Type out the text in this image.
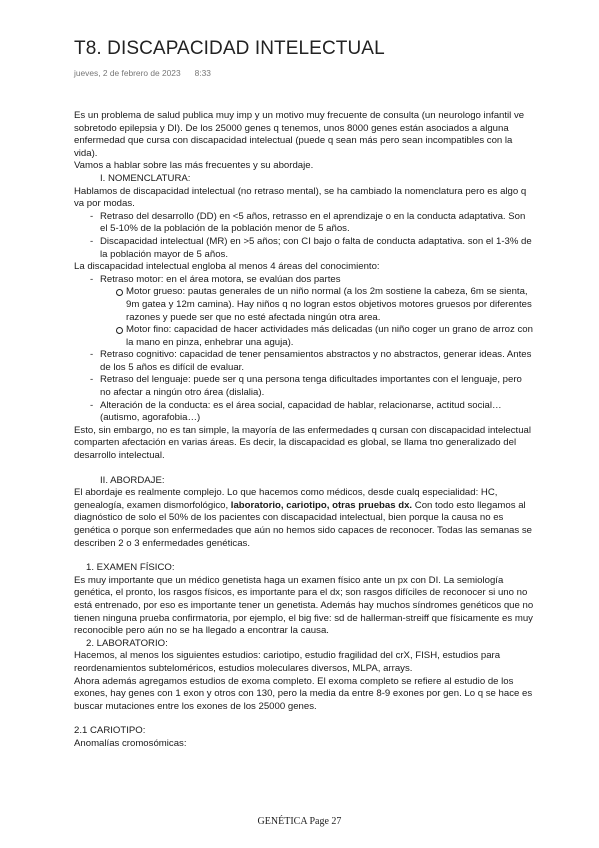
T8. DISCAPACIDAD INTELECTUAL
jueves, 2 de febrero de 2023 8:33

Es un problema de salud publica muy imp y un motivo muy frecuente de consulta (un neurologo infantil ve sobretodo epilepsia y DI). De los 25000 genes q tenemos, unos 8000 genes están asociados a alguna enfermedad que cursa con discapacidad intelectual (puede q sean más pero sean incompatibles con la vida).

Vamos a hablar sobre las más frecuentes y su abordaje.

I. NOMENCLATURA:

Hablamos de discapacidad intelectual (no retraso mental), se ha cambiado la nomenclatura pero es algo q va por modas.

- Retraso del desarrollo (DD) en <5 años, retrasso en el aprendizaje o en la conducta adaptativa. Son el 5-10% de la población de la población menor de 5 años.

- Discapacidad intelectual (MR) en >5 años; con CI bajo o falta de conducta adaptativa. son el 1-3% de la población mayor de 5 años.

La discapacidad intelectual engloba al menos 4 áreas del conocimiento:

- Retraso motor: en el área motora, se evalúan dos partes

Motor grueso: pautas generales de un niño normal (a los 2m sostiene la cabeza, 6m se sienta, 9m gatea y 12m camina). Hay niños q no logran estos objetivos motores gruesos por diferentes razones y puede ser que no esté afectada ningún otra area.

Motor fino: capacidad de hacer actividades más delicadas (un niño coger un grano de arroz con la mano en pinza, enhebrar una aguja).

- Retraso cognitivo: capacidad de tener pensamientos abstractos y no abstractos, generar ideas. Antes de los 5 años es difícil de evaluar.

- Retraso del lenguaje: puede ser q una persona tenga dificultades importantes con el lenguaje, pero no afectar a ningún otro área (dislalia).

- Alteración de la conducta: es el área social, capacidad de hablar, relacionarse, actitud social… (autismo, agorafobia…)

Esto, sin embargo, no es tan simple, la mayoría de las enfermedades q cursan con discapacidad intelectual comparten afectación en varias áreas. Es decir, la discapacidad es global, se llama tno generalizado del desarrollo intelectual.

II. ABORDAJE:

El abordaje es realmente complejo. Lo que hacemos como médicos, desde cualq especialidad: HC, genealogía, examen dismorfológico, laboratorio, cariotipo, otras pruebas dx. Con todo esto llegamos al diagnóstico de solo el 50% de los pacientes con discapacidad intelectual, bien porque la causa no es genética o porque son enfermedades que aún no hemos sido capaces de reconocer. Todas las semanas se describen 2 o 3 enfermedades genéticas.

1. EXAMEN FÍSICO:

Es muy importante que un médico genetista haga un examen físico ante un px con DI. La semiología genética, el pronto, los rasgos físicos, es importante para el dx; son rasgos difíciles de reconocer si uno no está entrenado, por eso es importante tener un genetista. Además hay muchos síndromes genéticos que no tienen ninguna prueba confirmatoria, por ejemplo, el big five: sd de hallerman-streiff que físicamente es muy reconocible pero aún no se ha llegado a encontrar la causa.

2. LABORATORIO:

Hacemos, al menos los siguientes estudios: cariotipo, estudio fragilidad del crX, FISH, estudios para reordenamientos subteloméricos, estudios moleculares diversos, MLPA, arrays.

Ahora además agregamos estudios de exoma completo. El exoma completo se refiere al estudio de los exones, hay genes con 1 exon y otros con 130, pero la media da entre 8-9 exones por gen. Lo q se hace es buscar mutaciones entre los exones de los 25000 genes.

2.1 CARIOTIPO:

Anomalías cromosómicas:

GENÉTICA Page 27
